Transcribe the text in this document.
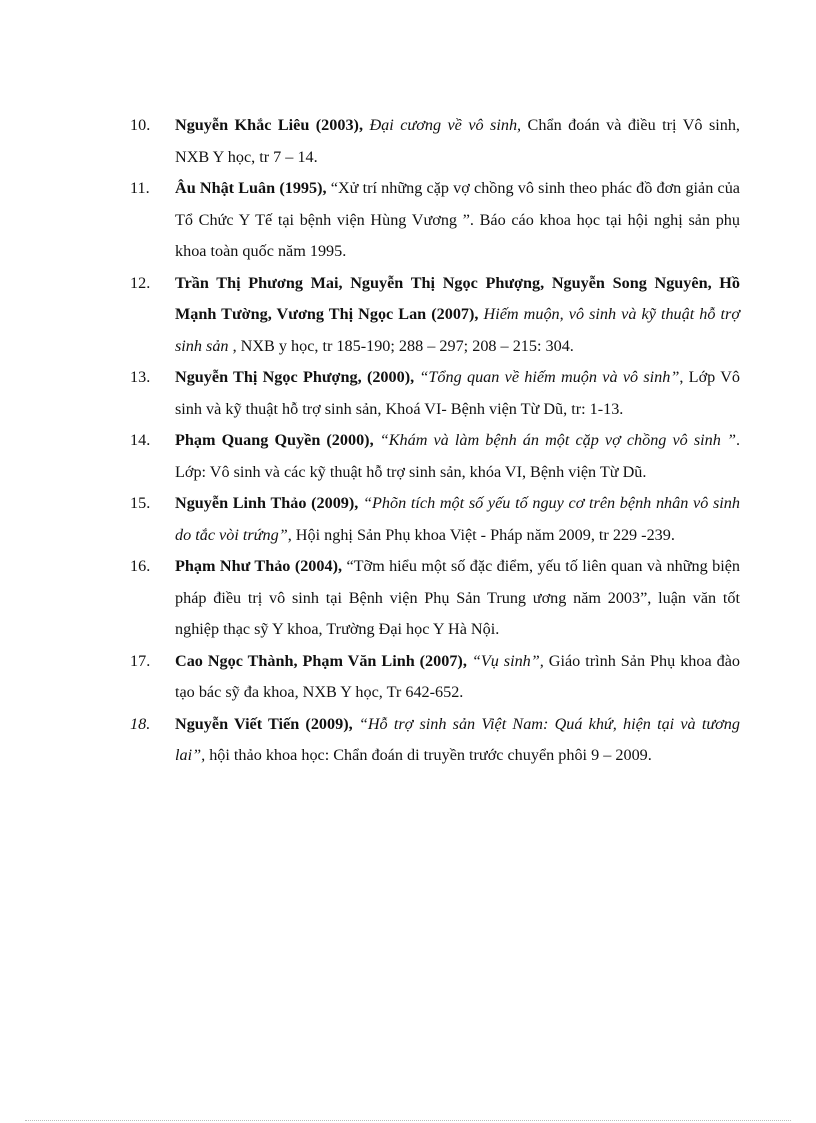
10.	Nguyễn Khắc Liêu (2003), Đại cương về vô sinh, Chẩn đoán và điều trị Vô sinh, NXB Y học, tr 7 – 14.
11.	Âu Nhật Luân (1995), “Xử trí những cặp vợ chồng vô sinh theo phác đồ đơn giản của Tổ Chức Y Tế tại bệnh viện Hùng Vương ”. Báo cáo khoa học tại hội nghị sản phụ khoa toàn quốc năm 1995.
12.	Trần Thị Phương Mai, Nguyễn Thị Ngọc Phượng, Nguyễn Song Nguyên, Hồ Mạnh Tường, Vương Thị Ngọc Lan (2007), Hiếm muộn, vô sinh và kỹ thuật hỗ trợ sinh sản , NXB y học, tr 185-190; 288 – 297; 208 – 215: 304.
13.	Nguyễn Thị Ngọc Phượng, (2000), “Tổng quan về hiếm muộn và vô sinh”, Lớp Vô sinh và kỹ thuật hỗ trợ sinh sản, Khoá VI- Bệnh viện Từ Dũ, tr: 1-13.
14.	Phạm Quang Quyền (2000), “Khám và làm bệnh án một cặp vợ chồng vô sinh ”. Lớp: Vô sinh và các kỹ thuật hỗ trợ sinh sản, khóa VI, Bệnh viện Từ Dũ.
15.	Nguyễn Linh Thảo (2009), “Phõn tích một số yếu tố nguy cơ trên bệnh nhân vô sinh do tắc vòi trứng”, Hội nghị Sản Phụ khoa Việt - Pháp năm 2009, tr 229 -239.
16.	Phạm Như Thảo (2004), “Tỡm hiểu một số đặc điểm, yếu tố liên quan và những biện pháp điều trị vô sinh tại Bệnh viện Phụ Sản Trung ương năm 2003”, luận văn tốt nghiệp thạc sỹ Y khoa, Trường Đại học Y Hà Nội.
17.	Cao Ngọc Thành, Phạm Văn Linh (2007), “Vụ sinh”, Giáo trình Sản Phụ khoa đào tạo bác sỹ đa khoa, NXB Y học, Tr 642-652.
18.	Nguyễn Viết Tiến (2009), “Hỗ trợ sinh sản Việt Nam: Quá khứ, hiện tại và tương lai”, hội thảo khoa học: Chẩn đoán di truyền trước chuyển phôi 9 – 2009.
